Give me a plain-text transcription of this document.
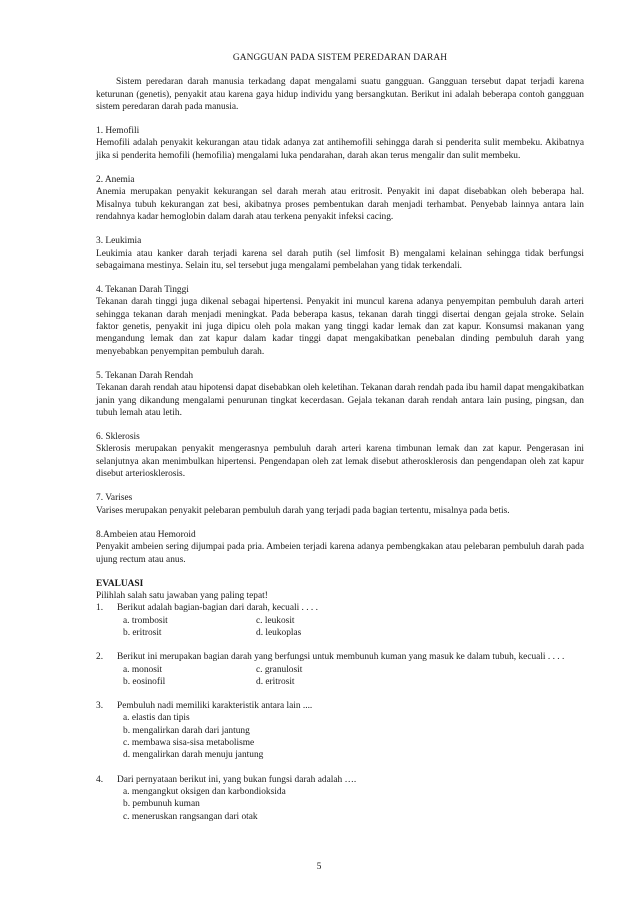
GANGGUAN PADA SISTEM PEREDARAN DARAH

Sistem peredaran darah manusia terkadang dapat mengalami suatu gangguan. Gangguan tersebut dapat terjadi karena keturunan (genetis), penyakit atau karena gaya hidup individu yang bersangkutan. Berikut ini adalah beberapa contoh gangguan sistem peredaran darah pada manusia.

1. Hemofili

Hemofili adalah penyakit kekurangan atau tidak adanya zat antihemofili sehingga darah si penderita sulit membeku. Akibatnya jika si penderita hemofili (hemofilia) mengalami luka pendarahan, darah akan terus mengalir dan sulit membeku.

2. Anemia

Anemia merupakan penyakit kekurangan sel darah merah atau eritrosit. Penyakit ini dapat disebabkan oleh beberapa hal. Misalnya tubuh kekurangan zat besi, akibatnya proses pembentukan darah menjadi terhambat. Penyebab lainnya antara lain rendahnya kadar hemoglobin dalam darah atau terkena penyakit infeksi cacing.

3. Leukimia

Leukimia atau kanker darah terjadi karena sel darah putih (sel limfosit B) mengalami kelainan sehingga tidak berfungsi sebagaimana mestinya. Selain itu, sel tersebut juga mengalami pembelahan yang tidak terkendali.

4. Tekanan Darah Tinggi

Tekanan darah tinggi juga dikenal sebagai hipertensi. Penyakit ini muncul karena adanya penyempitan pembuluh darah arteri sehingga tekanan darah menjadi meningkat. Pada beberapa kasus, tekanan darah tinggi disertai dengan gejala stroke. Selain faktor genetis, penyakit ini juga dipicu oleh pola makan yang tinggi kadar lemak dan zat kapur. Konsumsi makanan yang mengandung lemak dan zat kapur dalam kadar tinggi dapat mengakibatkan penebalan dinding pembuluh darah yang menyebabkan penyempitan pembuluh darah.

5. Tekanan Darah Rendah

Tekanan darah rendah atau hipotensi dapat disebabkan oleh keletihan. Tekanan darah rendah pada ibu hamil dapat mengakibatkan janin yang dikandung mengalami penurunan tingkat kecerdasan. Gejala tekanan darah rendah antara lain pusing, pingsan, dan tubuh lemah atau letih.

6. Sklerosis

Sklerosis merupakan penyakit mengerasnya pembuluh darah arteri karena timbunan lemak dan zat kapur. Pengerasan ini selanjutnya akan menimbulkan hipertensi. Pengendapan oleh zat lemak disebut atherosklerosis dan pengendapan oleh zat kapur disebut arteriosklerosis.

7. Varises

Varises merupakan penyakit pelebaran pembuluh darah yang terjadi pada bagian tertentu, misalnya pada betis.

8.Ambeien atau Hemoroid

Penyakit ambeien sering dijumpai pada pria. Ambeien terjadi karena adanya pembengkakan atau pelebaran pembuluh darah pada ujung rectum atau anus.

EVALUASI
Pilihlah salah satu jawaban yang paling tepat!
1. Berikut adalah bagian-bagian dari darah, kecuali . . . .
a. trombosit	c. leukosit
b. eritrosit	d. leukoplas
2. Berikut ini merupakan bagian darah yang berfungsi untuk membunuh kuman yang masuk ke dalam tubuh, kecuali . . . .
a. monosit	c. granulosit
b. eosinofil	d. eritrosit
3. Pembuluh nadi memiliki karakteristik antara lain ....
a. elastis dan tipis
b. mengalirkan darah dari jantung
c. membawa sisa-sisa metabolisme
d. mengalirkan darah menuju jantung
4. Dari pernyataan berikut ini, yang bukan fungsi darah adalah ….
a. mengangkut oksigen dan karbondioksida
b. pembunuh kuman
c. meneruskan rangsangan dari otak
5
